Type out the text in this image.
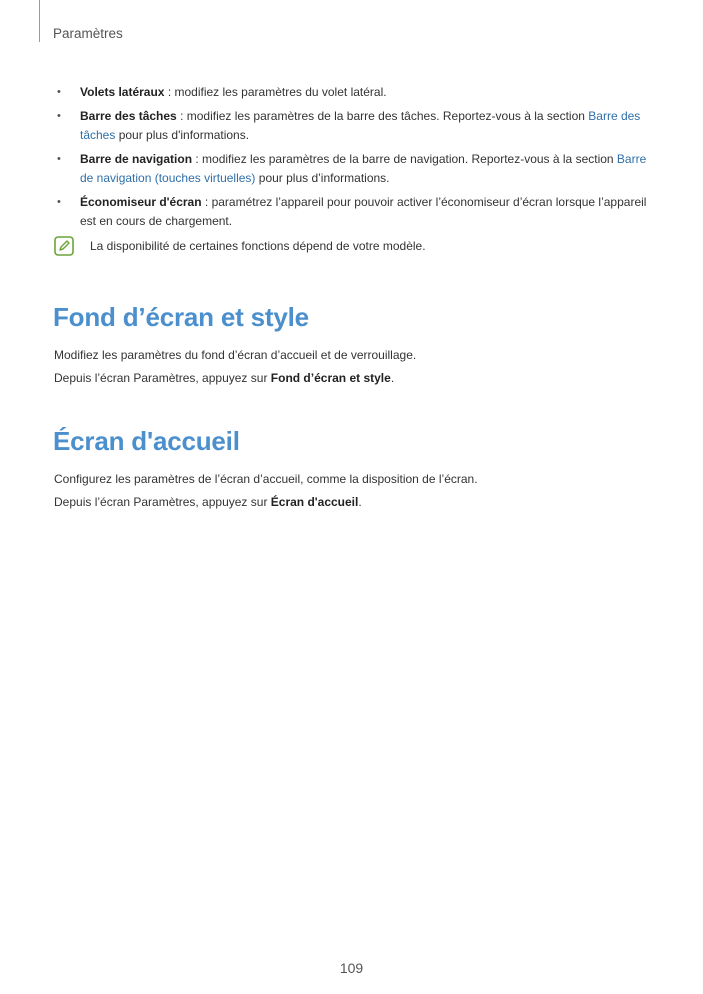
Paramètres
• Volets latéraux : modifiez les paramètres du volet latéral.
• Barre des tâches : modifiez les paramètres de la barre des tâches. Reportez-vous à la section Barre des tâches pour plus d'informations.
• Barre de navigation : modifiez les paramètres de la barre de navigation. Reportez-vous à la section Barre de navigation (touches virtuelles) pour plus d’informations.
• Économiseur d'écran : paramétrez l’appareil pour pouvoir activer l’économiseur d’écran lorsque l’appareil est en cours de chargement.
La disponibilité de certaines fonctions dépend de votre modèle.
Fond d’écran et style

Modifiez les paramètres du fond d’écran d’accueil et de verrouillage.

Depuis l’écran Paramètres, appuyez sur Fond d’écran et style.

Écran d'accueil

Configurez les paramètres de l’écran d’accueil, comme la disposition de l’écran.

Depuis l’écran Paramètres, appuyez sur Écran d'accueil.

109
